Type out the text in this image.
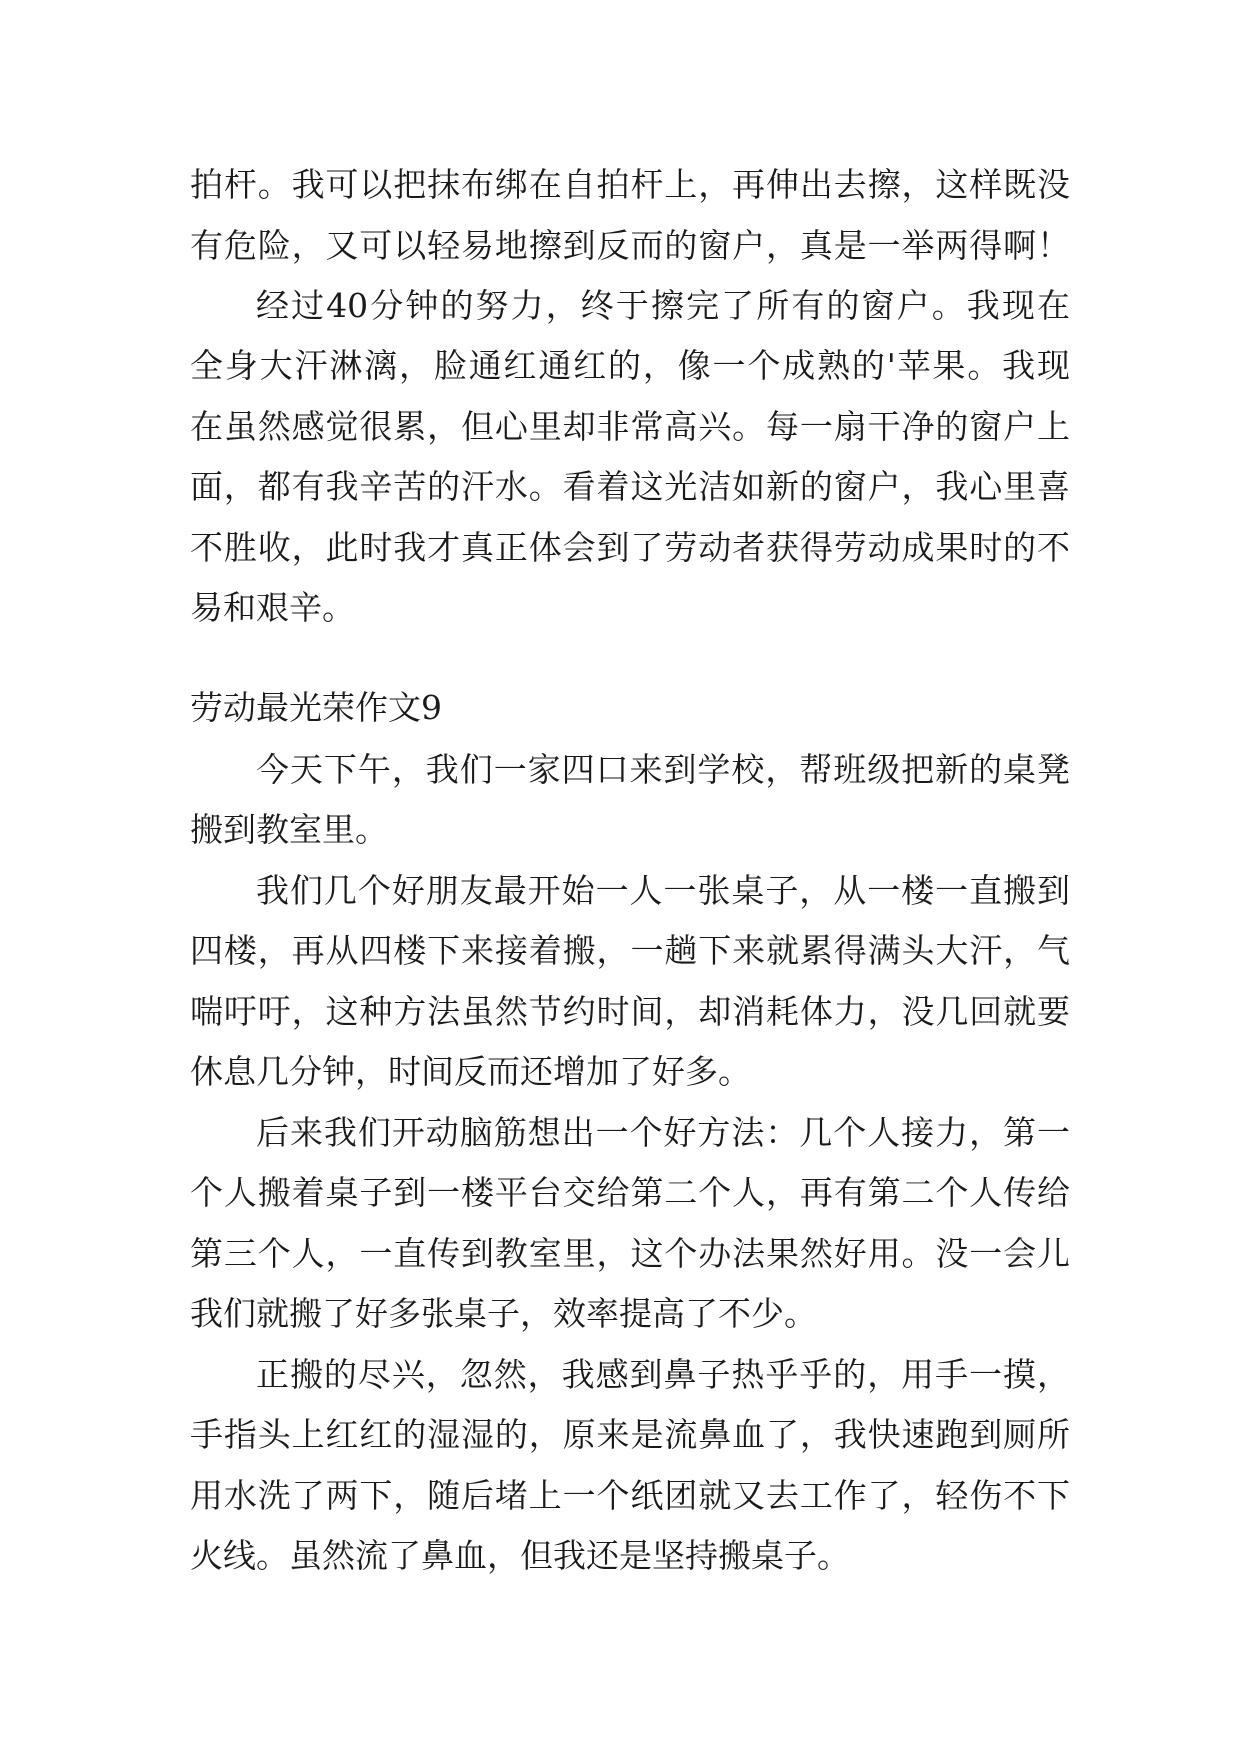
拍杆。我可以把抹布绑在自拍杆上，再伸出去擦，这样既没
有危险，又可以轻易地擦到反而的窗户，真是一举两得啊！
经过40分钟的努力，终于擦完了所有的窗户。我现在
全身大汗淋漓，脸通红通红的，像一个成熟的'苹果。我现
在虽然感觉很累，但心里却非常高兴。每一扇干净的窗户上
面，都有我辛苦的汗水。看着这光洁如新的窗户，我心里喜
不胜收，此时我才真正体会到了劳动者获得劳动成果时的不
易和艰辛。
劳动最光荣作文9
今天下午，我们一家四口来到学校，帮班级把新的桌凳
搬到教室里。
我们几个好朋友最开始一人一张桌子，从一楼一直搬到
四楼，再从四楼下来接着搬，一趟下来就累得满头大汗，气
喘吁吁，这种方法虽然节约时间，却消耗体力，没几回就要
休息几分钟，时间反而还增加了好多。
后来我们开动脑筋想出一个好方法：几个人接力，第一
个人搬着桌子到一楼平台交给第二个人，再有第二个人传给
第三个人，一直传到教室里，这个办法果然好用。没一会儿
我们就搬了好多张桌子，效率提高了不少。
正搬的尽兴，忽然，我感到鼻子热乎乎的，用手一摸，
手指头上红红的湿湿的，原来是流鼻血了，我快速跑到厕所
用水洗了两下，随后堵上一个纸团就又去工作了，轻伤不下
火线。虽然流了鼻血，但我还是坚持搬桌子。
